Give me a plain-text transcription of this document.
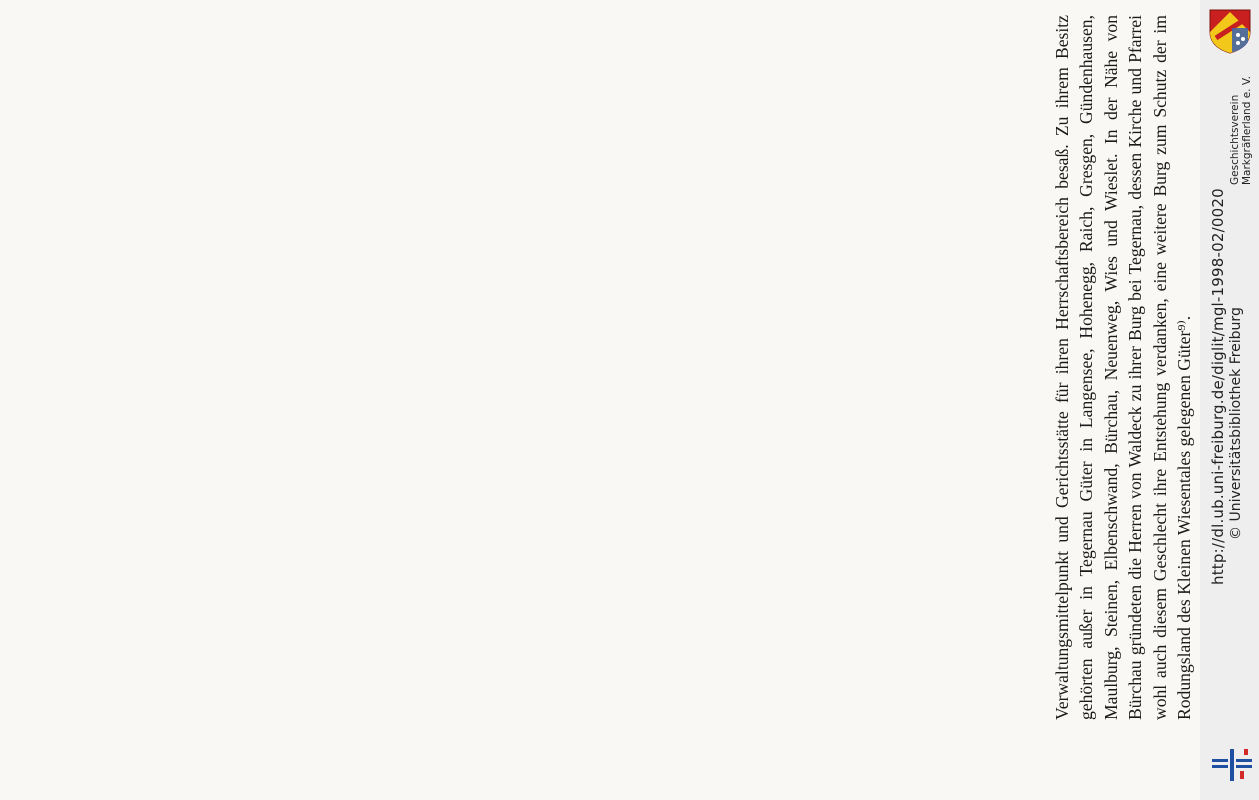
Verwaltungsmittelpunkt und Gerichtsstätte für ihren Herrschaftsbereich besaß. Zu ihrem Besitz gehörten außer in Tegernau Güter in Langensee, Hohenegg, Raich, Gresgen, Gündenhausen, Maulburg, Steinen, Elbenschwand, Bürchau, Neuenweg, Wies und Wieslet. In der Nähe von Bürchau gründeten die Herren von Waldeck zu ihrer Burg bei Tegernau, dessen Kirche und Pfarrei wohl auch diesem Geschlecht ihre Entstehung verdanken, eine weitere Burg zum Schutz der im Rodungsland des Kleinen Wiesentales gelegenen Güter⁹⁾.

Geschichtsverein Markgräflerland e. V.
http://dl.ub.uni-freiburg.de/diglit/mgl-1998-02/0020 © Universitätsbibliothek Freiburg
